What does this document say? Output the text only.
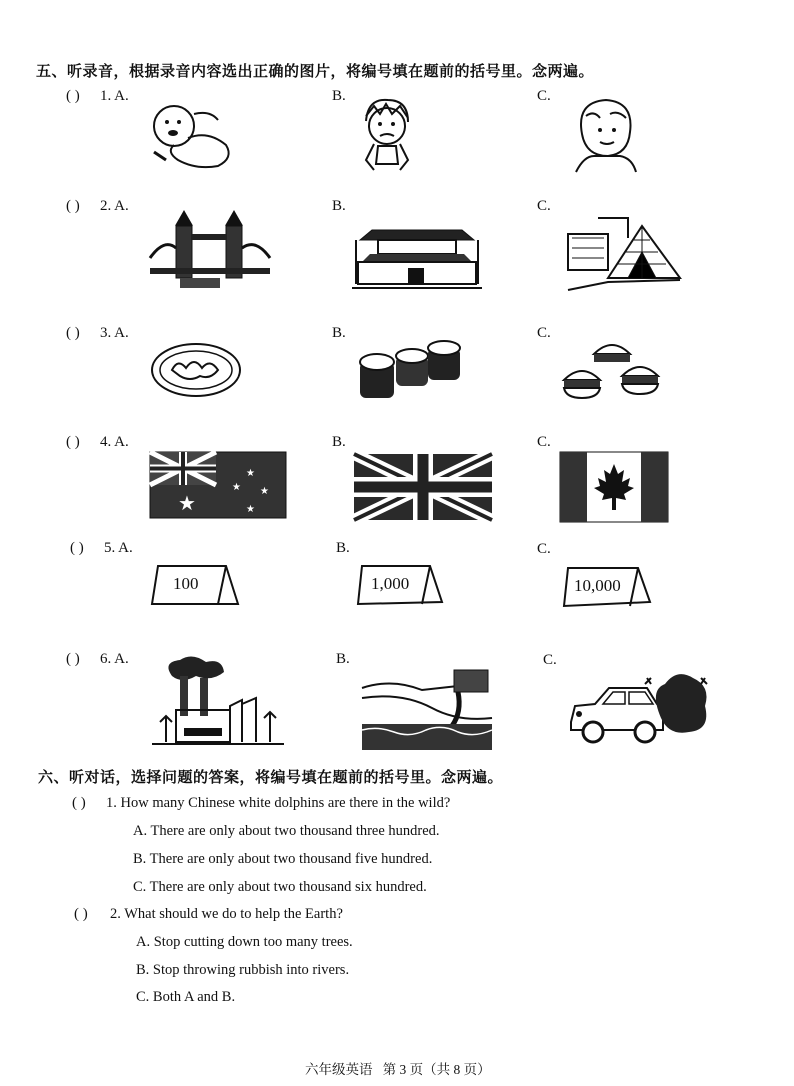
五、听录音，根据录音内容选出正确的图片，将编号填在题前的括号里。念两遍。
( ) 1. A.	B.	C.
( ) 2. A.	B.	C.
( ) 3. A.	B.	C.
( ) 4. A.	B.	C.
★
★
★ ★
★
( ) 5. A.	B.	C.
100	1,000	10,000
( ) 6. A.	B.	C.
六、听对话，选择问题的答案，将编号填在题前的括号里。念两遍。
( ) 1. How many Chinese white dolphins are there in the wild?
A. There are only about two thousand three hundred.
B. There are only about two thousand five hundred.
C. There are only about two thousand six hundred.
( ) 2. What should we do to help the Earth?
A. Stop cutting down too many trees.
B. Stop throwing rubbish into rivers.
C. Both A and B.
六年级英语   第 3 页（共 8 页）
